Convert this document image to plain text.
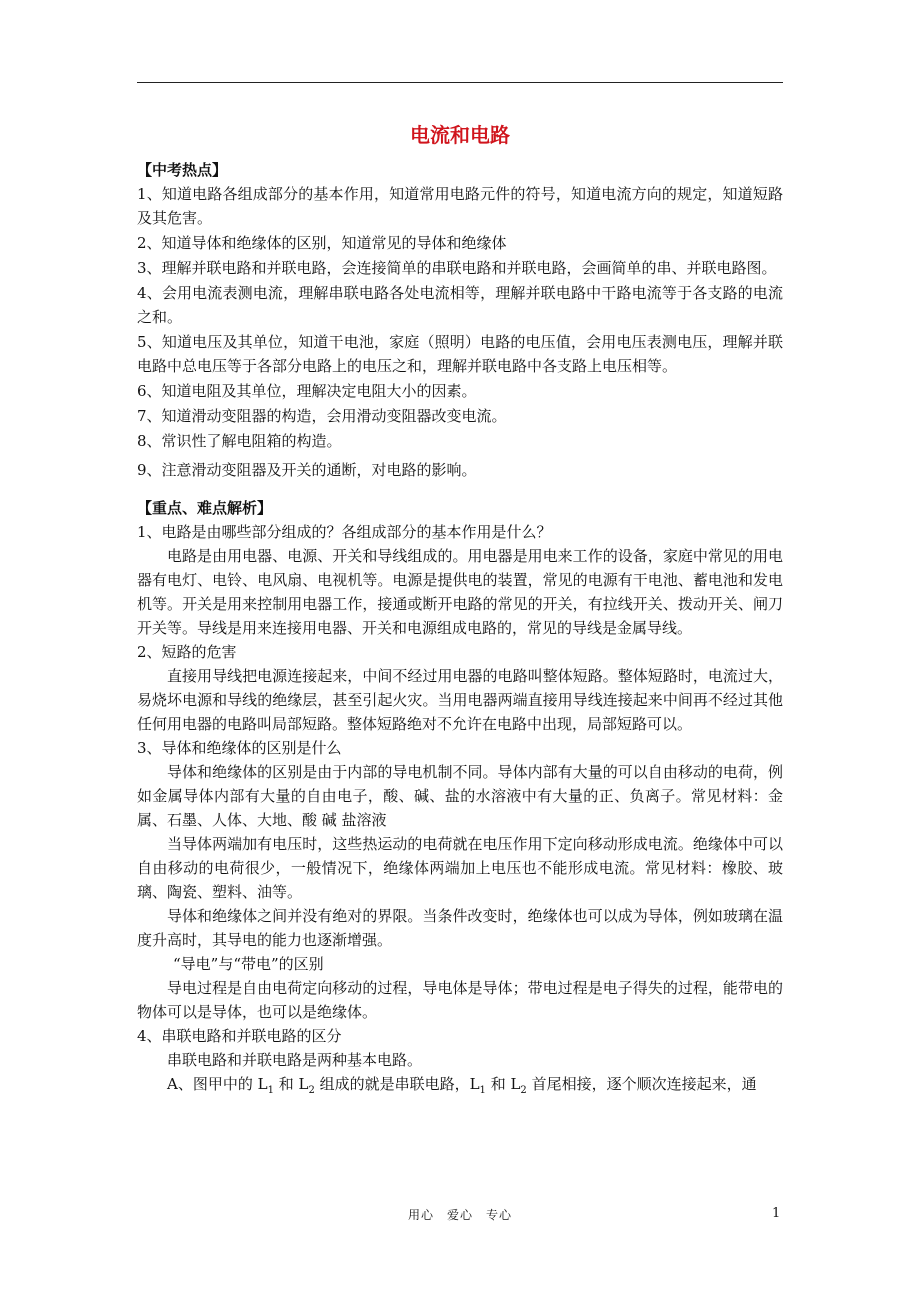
电流和电路
【中考热点】

1、知道电路各组成部分的基本作用，知道常用电路元件的符号，知道电流方向的规定，知道短路及其危害。

2、知道导体和绝缘体的区别，知道常见的导体和绝缘体

3、理解并联电路和并联电路，会连接简单的串联电路和并联电路，会画简单的串、并联电路图。

4、会用电流表测电流，理解串联电路各处电流相等，理解并联电路中干路电流等于各支路的电流之和。

5、知道电压及其单位，知道干电池，家庭（照明）电路的电压值，会用电压表测电压，理解并联电路中总电压等于各部分电路上的电压之和，理解并联电路中各支路上电压相等。

6、知道电阻及其单位，理解决定电阻大小的因素。

7、知道滑动变阻器的构造，会用滑动变阻器改变电流。

8、常识性了解电阻箱的构造。

9、注意滑动变阻器及开关的通断，对电路的影响。

【重点、难点解析】

1、电路是由哪些部分组成的？各组成部分的基本作用是什么？

电路是由用电器、电源、开关和导线组成的。用电器是用电来工作的设备，家庭中常见的用电器有电灯、电铃、电风扇、电视机等。电源是提供电的装置，常见的电源有干电池、蓄电池和发电机等。开关是用来控制用电器工作，接通或断开电路的常见的开关，有拉线开关、拨动开关、闸刀开关等。导线是用来连接用电器、开关和电源组成电路的，常见的导线是金属导线。

2、短路的危害

直接用导线把电源连接起来，中间不经过用电器的电路叫整体短路。整体短路时，电流过大，易烧坏电源和导线的绝缘层，甚至引起火灾。当用电器两端直接用导线连接起来中间再不经过其他任何用电器的电路叫局部短路。整体短路绝对不允许在电路中出现，局部短路可以。

3、导体和绝缘体的区别是什么

导体和绝缘体的区别是由于内部的导电机制不同。导体内部有大量的可以自由移动的电荷，例如金属导体内部有大量的自由电子，酸、碱、盐的水溶液中有大量的正、负离子。常见材料：金属、石墨、人体、大地、酸 碱 盐溶液

当导体两端加有电压时，这些热运动的电荷就在电压作用下定向移动形成电流。绝缘体中可以自由移动的电荷很少，一般情况下，绝缘体两端加上电压也不能形成电流。常见材料：橡胶、玻璃、陶瓷、塑料、油等。

导体和绝缘体之间并没有绝对的界限。当条件改变时，绝缘体也可以成为导体，例如玻璃在温度升高时，其导电的能力也逐渐增强。

“导电”与“带电”的区别

导电过程是自由电荷定向移动的过程，导电体是导体；带电过程是电子得失的过程，能带电的物体可以是导体，也可以是绝缘体。

4、串联电路和并联电路的区分

串联电路和并联电路是两种基本电路。

A、图甲中的 $L_1$ 和 $L_2$ 组成的就是串联电路，$L_1$ 和 $L_2$ 首尾相接，逐个顺次连接起来，通

用心　爱心　专心	1
